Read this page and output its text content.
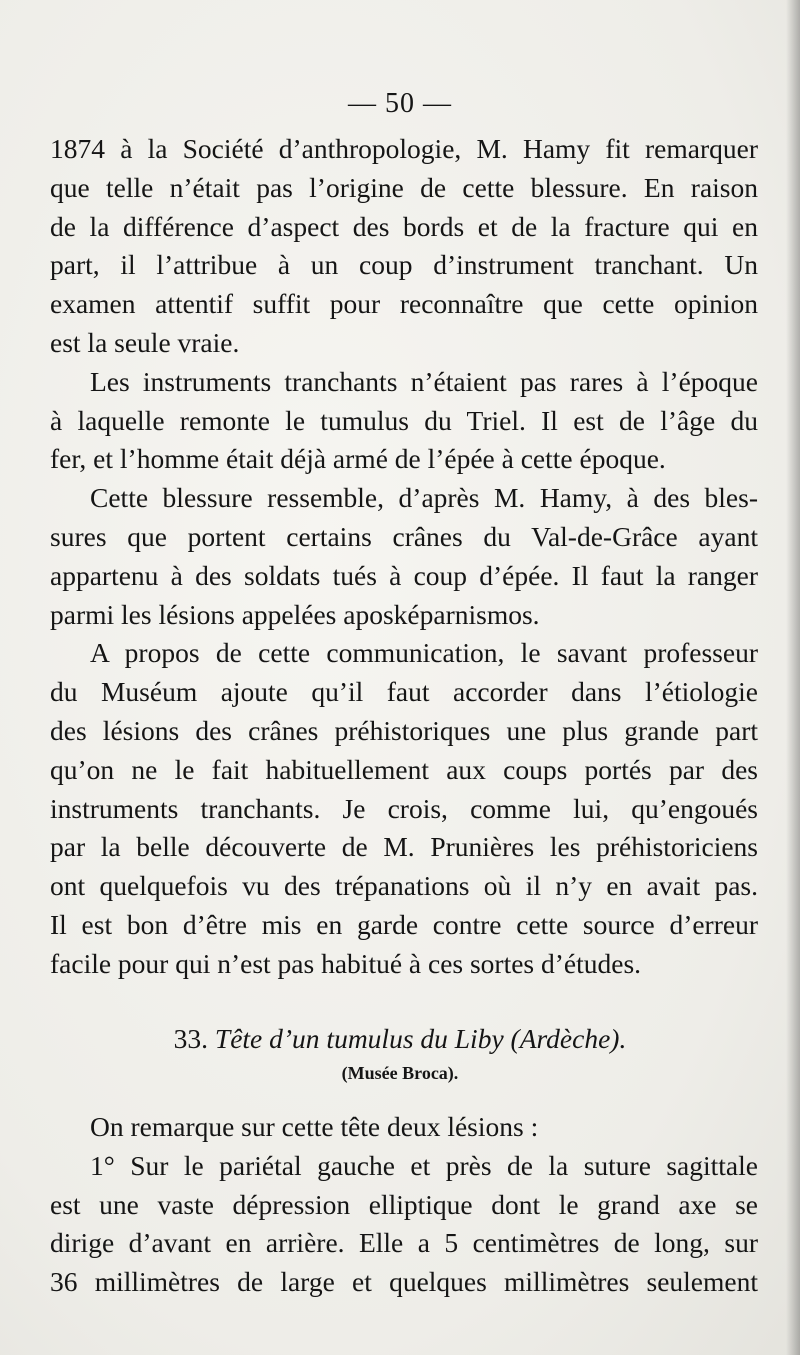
— 50 —
1874 à la Société d’anthropologie, M. Hamy fit remarquer
que telle n’était pas l’origine de cette blessure. En raison
de la différence d’aspect des bords et de la fracture qui en
part, il l’attribue à un coup d’instrument tranchant. Un
examen attentif suffit pour reconnaître que cette opinion
est la seule vraie.
Les instruments tranchants n’étaient pas rares à l’époque
à laquelle remonte le tumulus du Triel. Il est de l’âge du
fer, et l’homme était déjà armé de l’épée à cette époque.
Cette blessure ressemble, d’après M. Hamy, à des bles-
sures que portent certains crânes du Val-de-Grâce ayant
appartenu à des soldats tués à coup d’épée. Il faut la ranger
parmi les lésions appelées aposképarnismos.
A propos de cette communication, le savant professeur
du Muséum ajoute qu’il faut accorder dans l’étiologie
des lésions des crânes préhistoriques une plus grande part
qu’on ne le fait habituellement aux coups portés par des
instruments tranchants. Je crois, comme lui, qu’engoués
par la belle découverte de M. Prunières les préhistoriciens
ont quelquefois vu des trépanations où il n’y en avait pas.
Il est bon d’être mis en garde contre cette source d’erreur
facile pour qui n’est pas habitué à ces sortes d’études.
33. Tête d’un tumulus du Liby (Ardèche).
(Musée Broca).
On remarque sur cette tête deux lésions :
1° Sur le pariétal gauche et près de la suture sagittale
est une vaste dépression elliptique dont le grand axe se
dirige d’avant en arrière. Elle a 5 centimètres de long, sur
36 millimètres de large et quelques millimètres seulement
